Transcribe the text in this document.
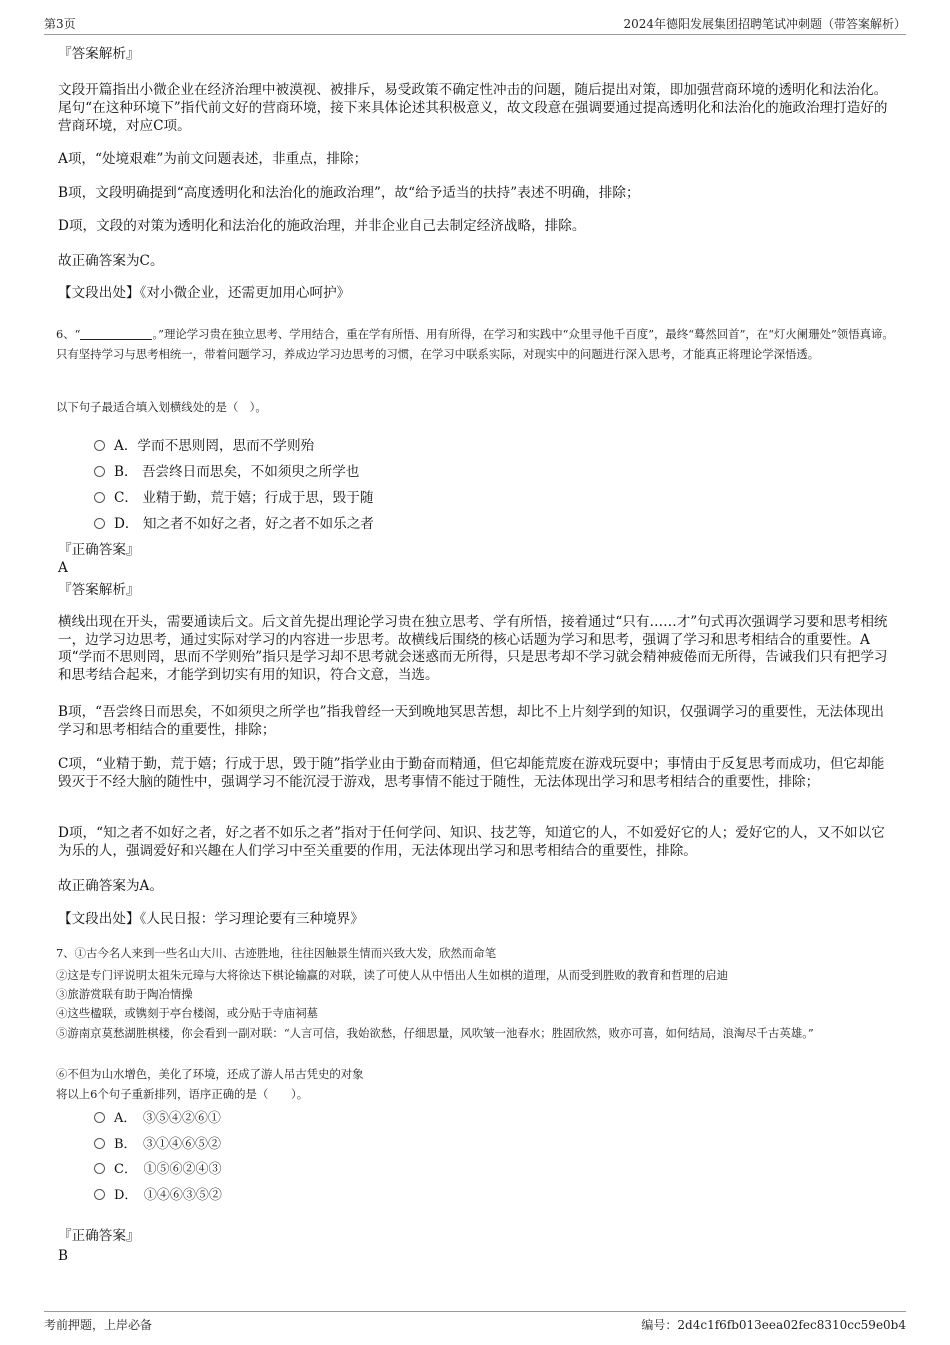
第3页	2024年德阳发展集团招聘笔试冲刺题（带答案解析）

『答案解析』

文段开篇指出小微企业在经济治理中被漠视、被排斥，易受政策不确定性冲击的问题，随后提出对策，即加强营商环境的透明化和法治化。尾句“在这种环境下”指代前文好的营商环境，接下来具体论述其积极意义，故文段意在强调要通过提高透明化和法治化的施政治理打造好的营商环境，对应C项。

A项，“处境艰难”为前文问题表述，非重点，排除；

B项，文段明确提到“高度透明化和法治化的施政治理”，故“给予适当的扶持”表述不明确，排除；

D项，文段的对策为透明化和法治化的施政治理，并非企业自己去制定经济战略，排除。

故正确答案为C。

【文段出处】《对小微企业，还需更加用心呵护》

6、“	。”理论学习贵在独立思考、学用结合，重在学有所悟、用有所得，在学习和实践中“众里寻他千百度”，最终“蓦然回首”，在“灯火阑珊处”领悟真谛。只有坚持学习与思考相统一，带着问题学习，养成边学习边思考的习惯，在学习中联系实际，对现实中的问题进行深入思考，才能真正将理论学深悟透。

以下句子最适合填入划横线处的是（　）。

A．学而不思则罔，思而不学则殆
B． 吾尝终日而思矣，不如须臾之所学也
C． 业精于勤，荒于嬉；行成于思，毁于随
D． 知之者不如好之者，好之者不如乐之者

『正确答案』

A

『答案解析』

横线出现在开头，需要通读后文。后文首先提出理论学习贵在独立思考、学有所悟，接着通过“只有……才”句式再次强调学习要和思考相统一，边学习边思考，通过实际对学习的内容进一步思考。故横线后围绕的核心话题为学习和思考，强调了学习和思考相结合的重要性。A项“学而不思则罔，思而不学则殆”指只是学习却不思考就会迷惑而无所得，只是思考却不学习就会精神疲倦而无所得，告诫我们只有把学习和思考结合起来，才能学到切实有用的知识，符合文意，当选。

B项，“吾尝终日而思矣，不如须臾之所学也”指我曾经一天到晚地冥思苦想，却比不上片刻学到的知识，仅强调学习的重要性，无法体现出学习和思考相结合的重要性，排除；

C项，“业精于勤，荒于嬉；行成于思，毁于随”指学业由于勤奋而精通，但它却能荒废在游戏玩耍中；事情由于反复思考而成功，但它却能毁灭于不经大脑的随性中，强调学习不能沉浸于游戏，思考事情不能过于随性，无法体现出学习和思考相结合的重要性，排除；

D项，“知之者不如好之者，好之者不如乐之者”指对于任何学问、知识、技艺等，知道它的人，不如爱好它的人；爱好它的人，又不如以它为乐的人，强调爱好和兴趣在人们学习中至关重要的作用，无法体现出学习和思考相结合的重要性，排除。

故正确答案为A。

【文段出处】《人民日报：学习理论要有三种境界》

7、①古今名人来到一些名山大川、古迹胜地，往往因触景生情而兴致大发，欣然而命笔

②这是专门评说明太祖朱元璋与大将徐达下棋论输赢的对联，读了可使人从中悟出人生如棋的道理，从而受到胜败的教育和哲理的启迪

③旅游赏联有助于陶冶情操

④这些楹联，或镌刻于亭台楼阁，或分贴于寺庙祠墓

⑤游南京莫愁湖胜棋楼，你会看到一副对联：“人言可信，我始欲愁，仔细思量，风吹皱一池春水；胜固欣然，败亦可喜，如何结局，浪淘尽千古英雄。”

⑥不但为山水增色，美化了环境，还成了游人吊古凭史的对象

将以上6个句子重新排列，语序正确的是（　　）。

A．　③⑤④②⑥①
B．　③①④⑥⑤②
C．　①⑤⑥②④③
D．　①④⑥③⑤②

『正确答案』

B

考前押题，上岸必备	编号：2d4c1f6fb013eea02fec8310cc59e0b4
